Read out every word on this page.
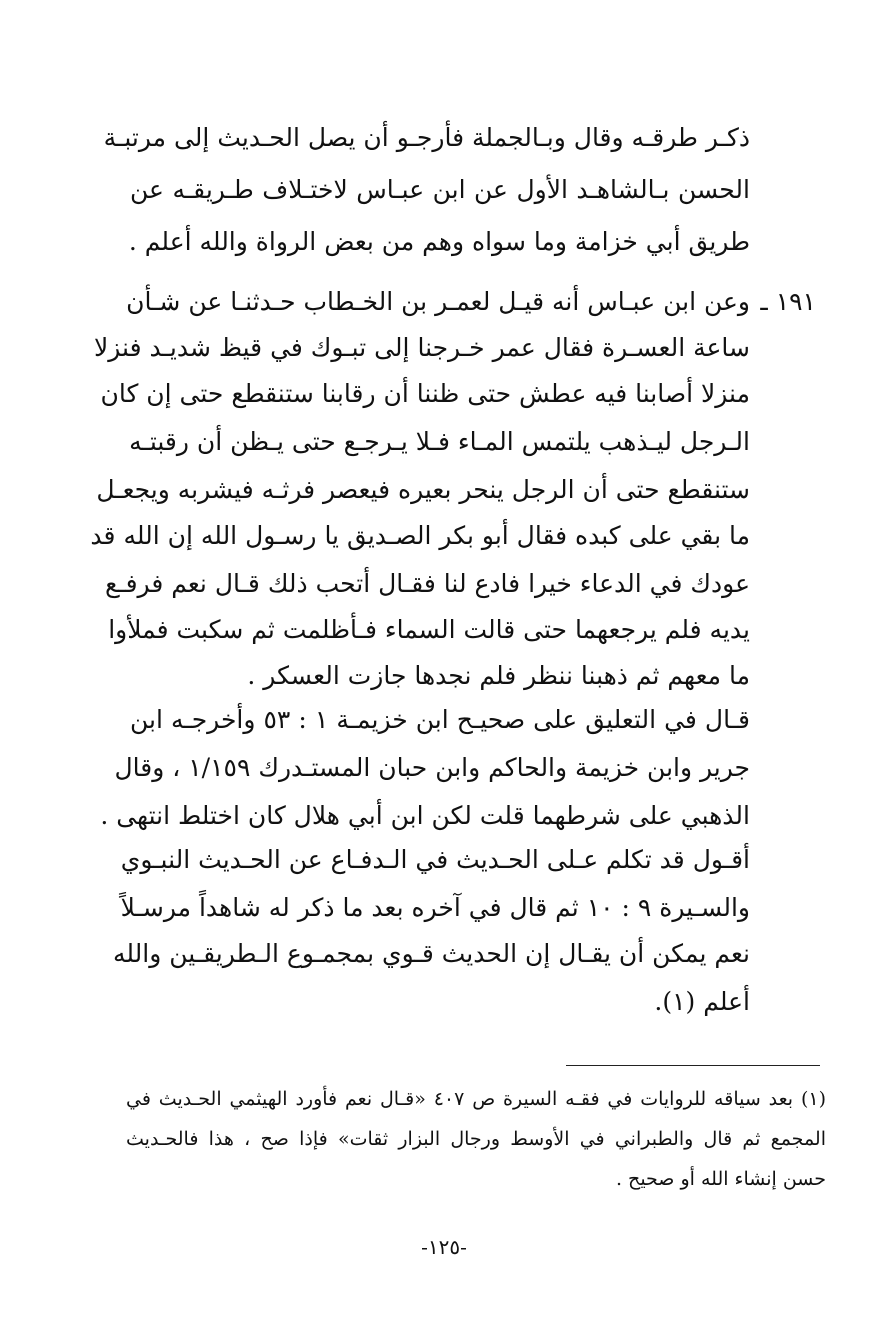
ذكـر طرقـه وقال وبـالجملة فأرجـو أن يصل الحـديث إلى مرتبـة
الحسن بـالشاهـد الأول عن ابن عبـاس لاختـلاف طـريقـه عن
طريق أبي خزامة وما سواه وهم من بعض الرواة والله أعلم .
١٩١ ـ
وعن ابن عبـاس أنه قيـل لعمـر بن الخـطاب حـدثنـا عن شـأن
ساعة العسـرة فقال عمر خـرجنا إلى تبـوك في قيظ شديـد فنزلا
منزلا أصابنا فيه عطش حتى ظننا أن رقابنا ستنقطع حتى إن كان
الـرجل ليـذهب يلتمس المـاء فـلا يـرجـع حتى يـظن أن رقبتـه
ستنقطع حتى أن الرجل ينحر بعيره فيعصر فرثـه فيشربه ويجعـل
ما بقي على كبده فقال أبو بكر الصـديق يا رسـول الله إن الله قد
عودك في الدعاء خيرا فادع لنا فقـال أتحب ذلك قـال نعم فرفـع
يديه فلم يرجعهما حتى قالت السماء فـأظلمت ثم سكبت فملأوا
ما معهم ثم ذهبنا ننظر فلم نجدها جازت العسكر .
قـال في التعليق على صحيـح ابن خزيمـة ١ : ٥٣ وأخرجـه ابن
جرير وابن خزيمة والحاكم وابن حبان المستـدرك ١/١٥٩ ، وقال
الذهبي على شرطهما قلت لكن ابن أبي هلال كان اختلط انتهى .
أقـول قد تكلم عـلى الحـديث في الـدفـاع عن الحـديث النبـوي
والسـيرة ٩ : ١٠ ثم قال في آخره بعد ما ذكر له شاهداً مرسـلاً
نعم يمكن أن يقـال إن الحديث قـوي بمجمـوع الـطريقـين والله
أعلم (١).
(١) بعد سياقه للروايات في فقـه السيرة ص ٤٠٧ «قـال نعم فأورد الهيثمي الحـديث في
المجمع ثم قال والطبراني في الأوسط ورجال البزار ثقات» فإذا صح ، هذا فالحـديث
حسن إنشاء الله أو صحيح .
-١٢٥-
